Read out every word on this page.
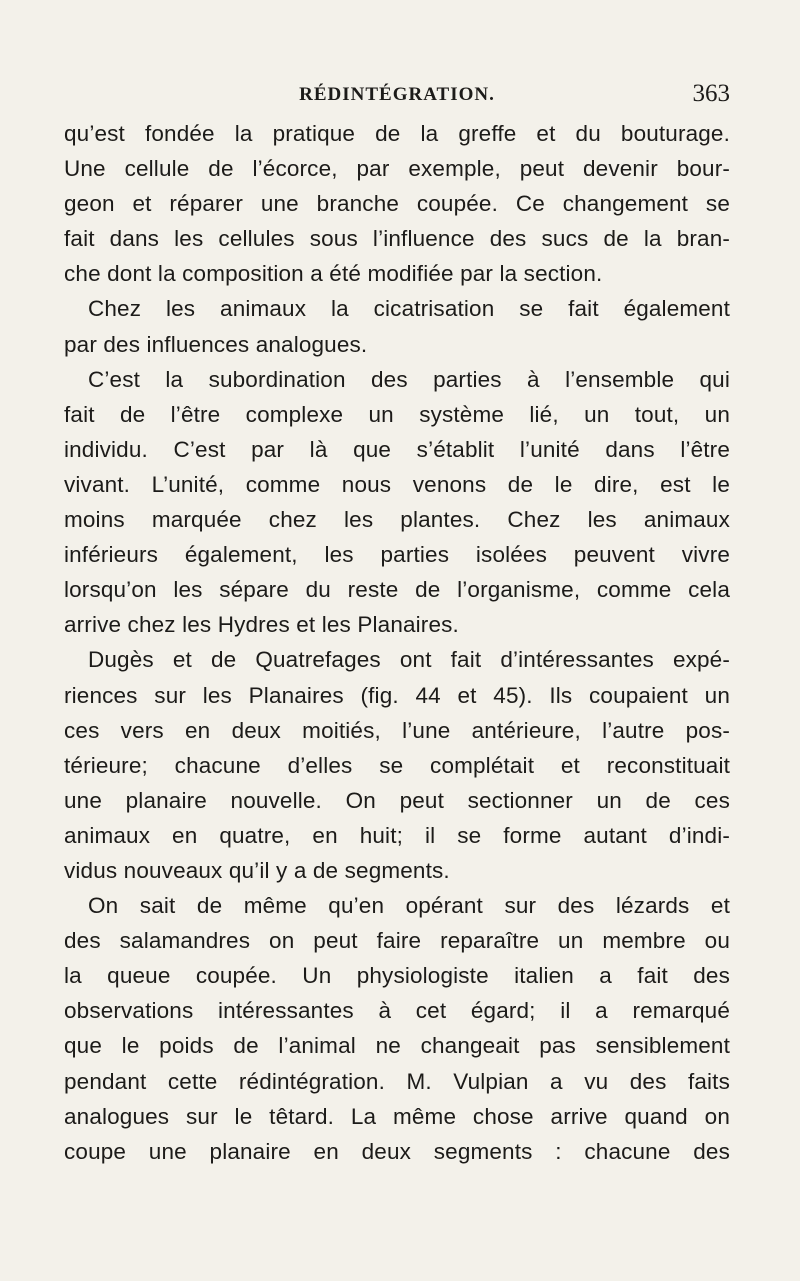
RÉDINTÉGRATION.	363
qu’est fondée la pratique de la greffe et du bouturage.
Une cellule de l’écorce, par exemple, peut devenir bour-
geon et réparer une branche coupée. Ce changement se
fait dans les cellules sous l’influence des sucs de la bran-
che dont la composition a été modifiée par la section.
Chez les animaux la cicatrisation se fait également
par des influences analogues.
C’est la subordination des parties à l’ensemble qui
fait de l’être complexe un système lié, un tout, un
individu. C’est par là que s’établit l’unité dans l’être
vivant. L’unité, comme nous venons de le dire, est le
moins marquée chez les plantes. Chez les animaux
inférieurs également, les parties isolées peuvent vivre
lorsqu’on les sépare du reste de l’organisme, comme cela
arrive chez les Hydres et les Planaires.
Dugès et de Quatrefages ont fait d’intéressantes expé-
riences sur les Planaires (fig. 44 et 45). Ils coupaient un
ces vers en deux moitiés, l’une antérieure, l’autre pos-
térieure; chacune d’elles se complétait et reconstituait
une planaire nouvelle. On peut sectionner un de ces
animaux en quatre, en huit; il se forme autant d’indi-
vidus nouveaux qu’il y a de segments.
On sait de même qu’en opérant sur des lézards et
des salamandres on peut faire reparaître un membre ou
la queue coupée. Un physiologiste italien a fait des
observations intéressantes à cet égard; il a remarqué
que le poids de l’animal ne changeait pas sensiblement
pendant cette rédintégration. M. Vulpian a vu des faits
analogues sur le têtard. La même chose arrive quand on
coupe une planaire en deux segments : chacune des
